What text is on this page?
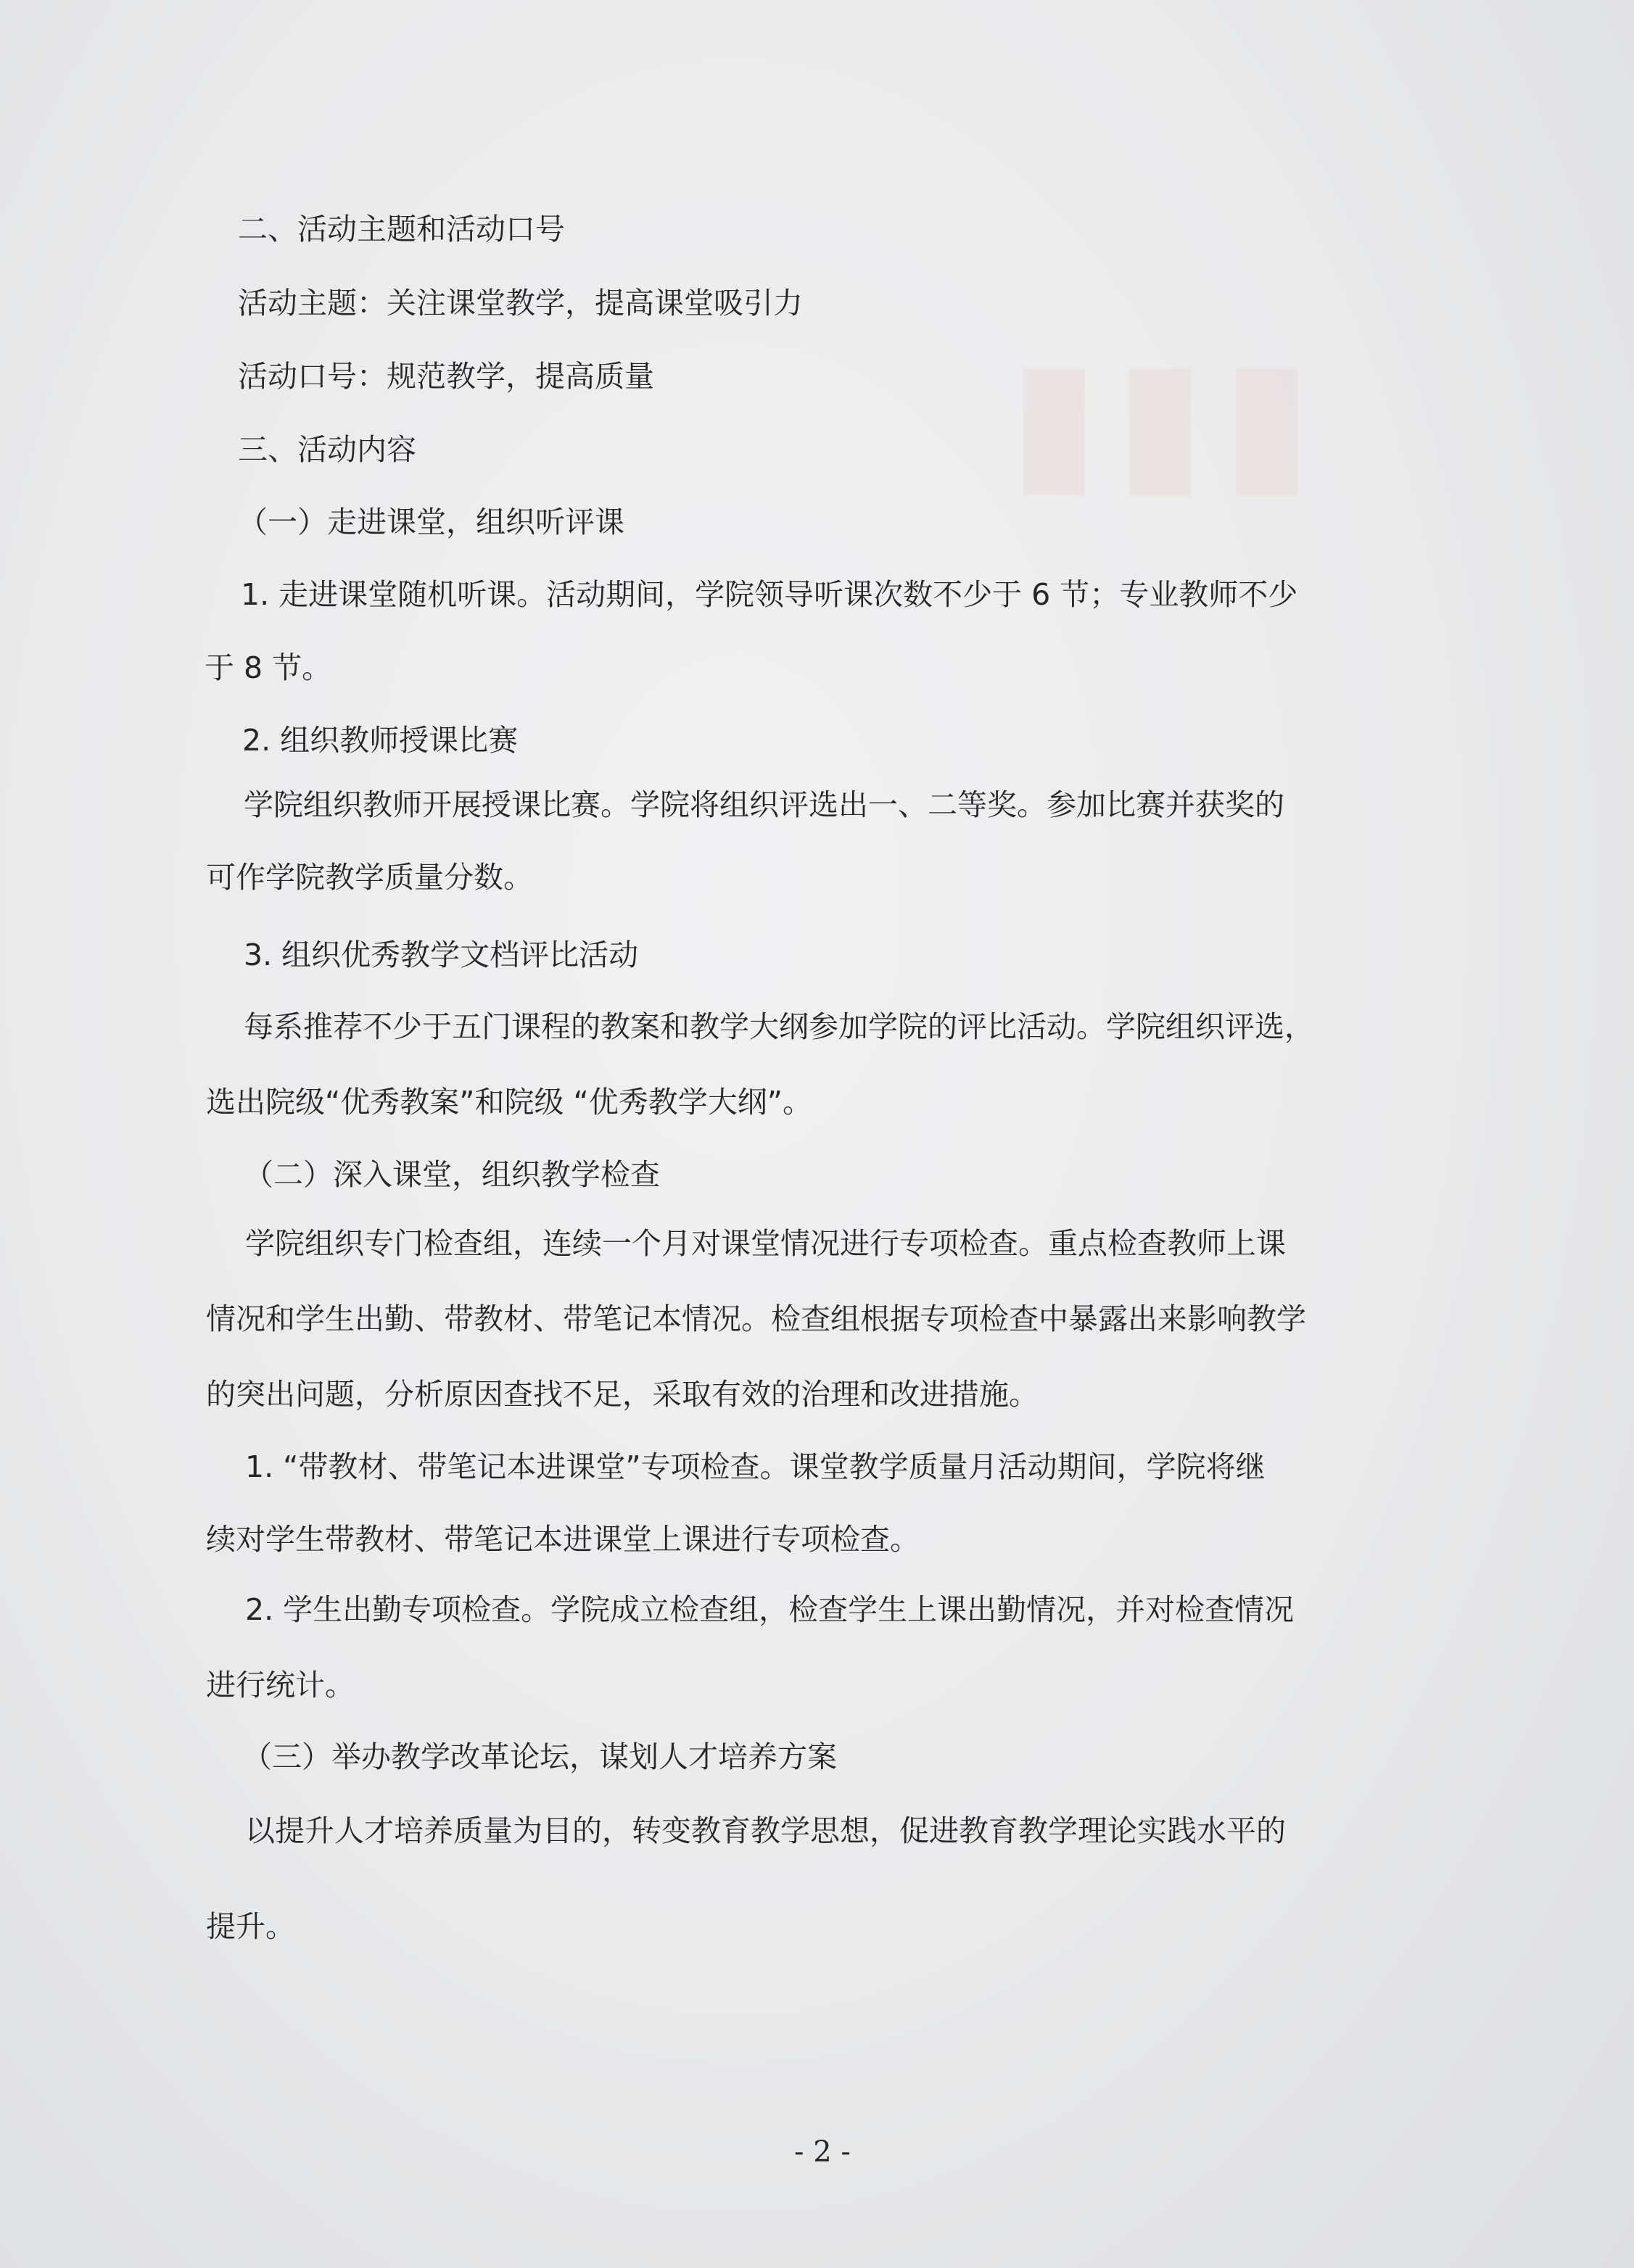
▮▮▮

二、活动主题和活动口号

活动主题：关注课堂教学，提高课堂吸引力

活动口号：规范教学，提高质量

三、活动内容

（一）走进课堂，组织听评课

1. 走进课堂随机听课。活动期间，学院领导听课次数不少于 6 节；专业教师不少

于 8 节。

2. 组织教师授课比赛

学院组织教师开展授课比赛。学院将组织评选出一、二等奖。参加比赛并获奖的

可作学院教学质量分数。

3. 组织优秀教学文档评比活动

每系推荐不少于五门课程的教案和教学大纲参加学院的评比活动。学院组织评选，

选出院级“优秀教案”和院级 “优秀教学大纲”。

（二）深入课堂，组织教学检查

学院组织专门检查组，连续一个月对课堂情况进行专项检查。重点检查教师上课

情况和学生出勤、带教材、带笔记本情况。检查组根据专项检查中暴露出来影响教学

的突出问题，分析原因查找不足，采取有效的治理和改进措施。

1. “带教材、带笔记本进课堂”专项检查。课堂教学质量月活动期间，学院将继

续对学生带教材、带笔记本进课堂上课进行专项检查。

2. 学生出勤专项检查。学院成立检查组，检查学生上课出勤情况，并对检查情况

进行统计。

（三）举办教学改革论坛，谋划人才培养方案

以提升人才培养质量为目的，转变教育教学思想，促进教育教学理论实践水平的

提升。

- 2 -
